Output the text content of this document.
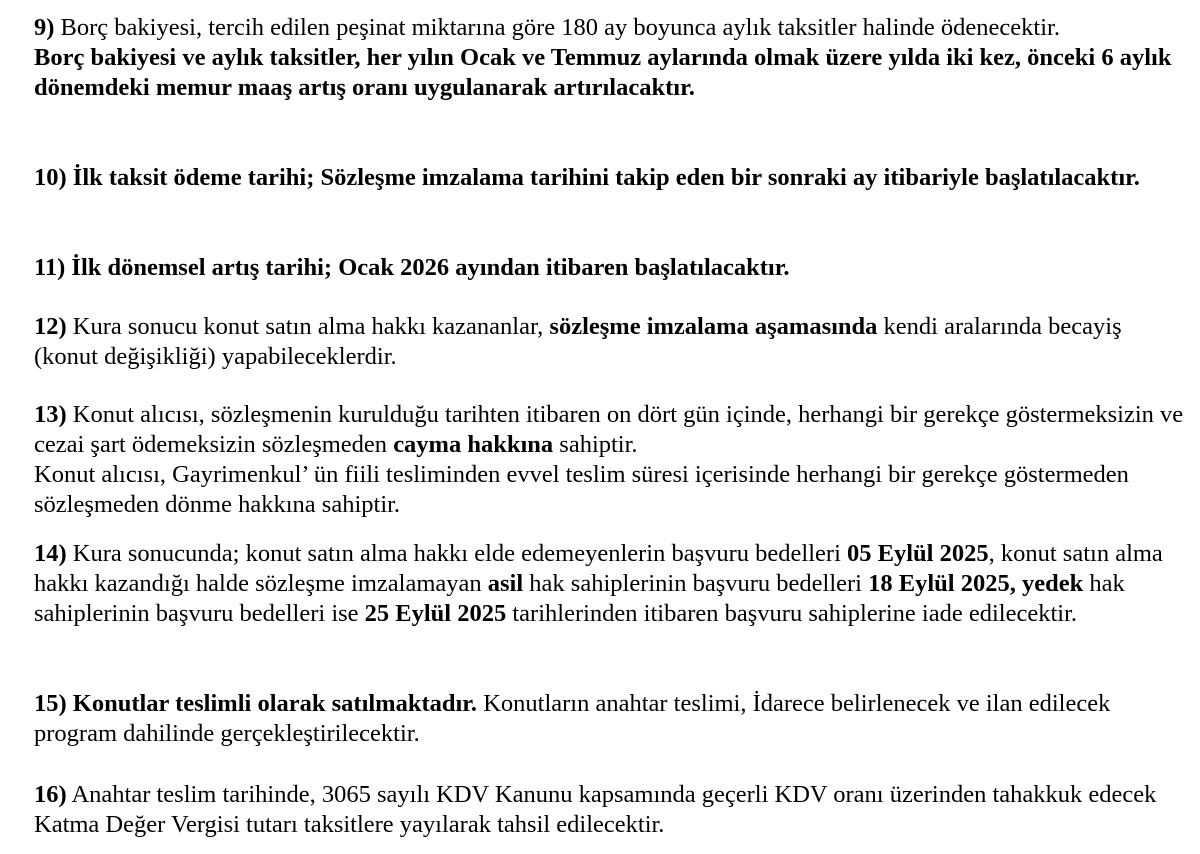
9) Borç bakiyesi, tercih edilen peşinat miktarına göre 180 ay boyunca aylık taksitler halinde ödenecektir.
Borç bakiyesi ve aylık taksitler, her yılın Ocak ve Temmuz aylarında olmak üzere yılda iki kez, önceki 6 aylık dönemdeki memur maaş artış oranı uygulanarak artırılacaktır.

10) İlk taksit ödeme tarihi; Sözleşme imzalama tarihini takip eden bir sonraki ay itibariyle başlatılacaktır.

11) İlk dönemsel artış tarihi; Ocak 2026 ayından itibaren başlatılacaktır.

12) Kura sonucu konut satın alma hakkı kazananlar, sözleşme imzalama aşamasında kendi aralarında becayiş (konut değişikliği) yapabileceklerdir.

13) Konut alıcısı, sözleşmenin kurulduğu tarihten itibaren on dört gün içinde, herhangi bir gerekçe göstermeksizin ve cezai şart ödemeksizin sözleşmeden cayma hakkına sahiptir.
Konut alıcısı, Gayrimenkul’ ün fiili tesliminden evvel teslim süresi içerisinde herhangi bir gerekçe göstermeden sözleşmeden dönme hakkına sahiptir.

14) Kura sonucunda; konut satın alma hakkı elde edemeyenlerin başvuru bedelleri 05 Eylül 2025, konut satın alma hakkı kazandığı halde sözleşme imzalamayan asil hak sahiplerinin başvuru bedelleri 18 Eylül 2025, yedek hak sahiplerinin başvuru bedelleri ise 25 Eylül 2025 tarihlerinden itibaren başvuru sahiplerine iade edilecektir.

15) Konutlar teslimli olarak satılmaktadır. Konutların anahtar teslimi, İdarece belirlenecek ve ilan edilecek program dahilinde gerçekleştirilecektir.

16) Anahtar teslim tarihinde, 3065 sayılı KDV Kanunu kapsamında geçerli KDV oranı üzerinden tahakkuk edecek Katma Değer Vergisi tutarı taksitlere yayılarak tahsil edilecektir.
